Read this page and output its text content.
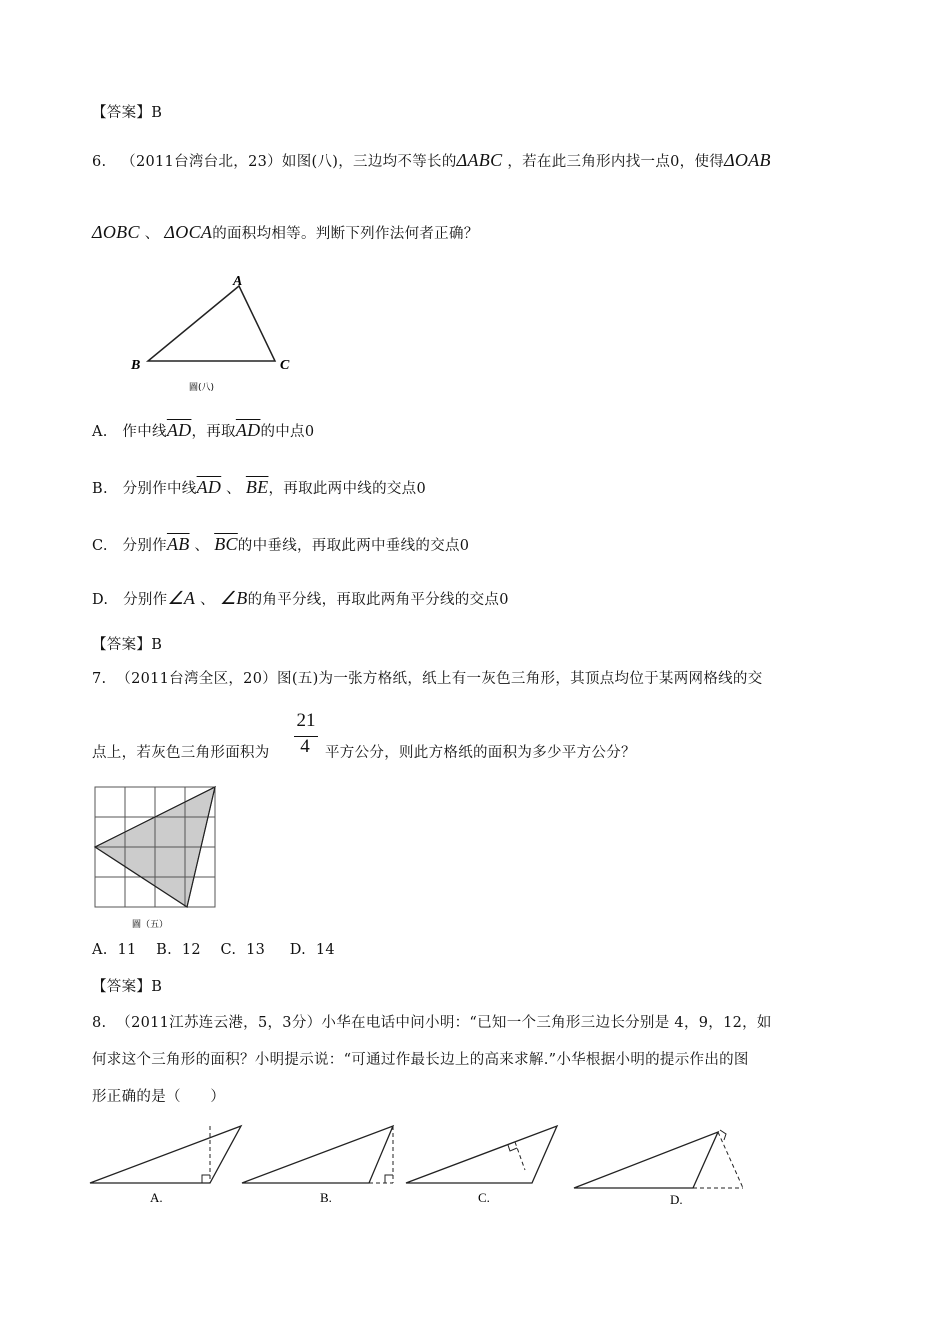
【答案】B
6. （2011台湾台北，23）如图(八)，三边均不等长的ΔABC ，若在此三角形内找一点0，使得ΔOAB
ΔOBC 、 ΔOCA的面积均相等。判断下列作法何者正确？
A
B	C
圖(八)
A. 作中线$\overline{AD}$，再取$\overline{AD}$的中点0
B. 分别作中线$\overline{AD}$ 、 $\overline{BE}$，再取此两中线的交点0
C. 分别作$\overline{AB}$ 、 $\overline{BC}$的中垂线，再取此两中垂线的交点0
D. 分别作∠A 、 ∠B的角平分线，再取此两角平分线的交点0
【答案】B
7. （2011台湾全区，20）图(五)为一张方格纸，纸上有一灰色三角形，其顶点均位于某两网格线的交
点上，若灰色三角形面积为
21
4	平方公分，则此方格纸的面积为多少平方公分？
圖（五）
A.  11    B.  12    C.  13     D.  14
【答案】B
8. （2011江苏连云港，5，3分）小华在电话中问小明：“已知一个三角形三边长分别是 4，9，12，如
何求这个三角形的面积？小明提示说：“可通过作最长边上的高来求解.”小华根据小明的提示作出的图
形正确的是（　　）
A.	B.	C.	D.
